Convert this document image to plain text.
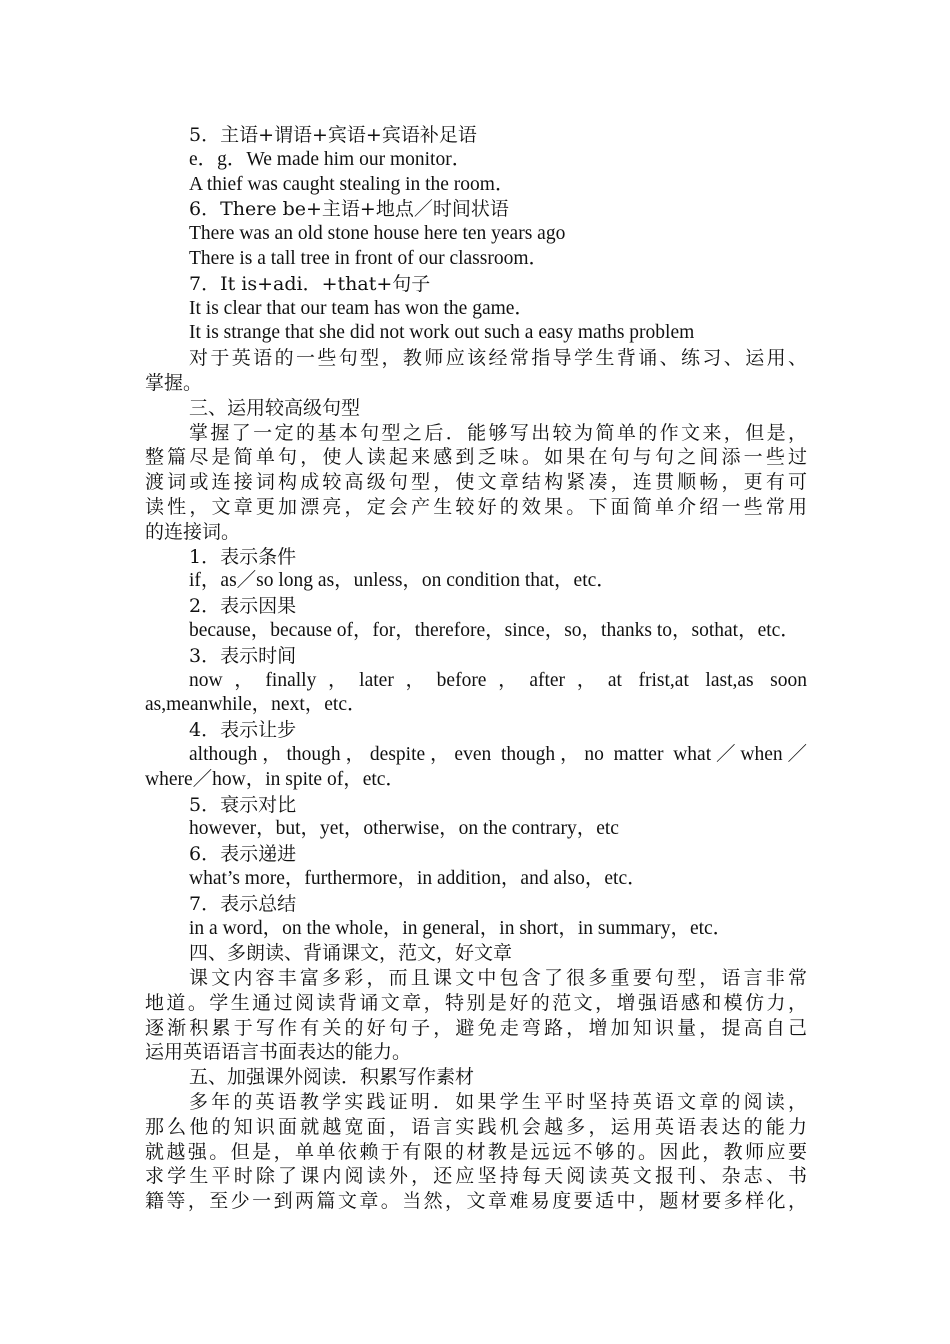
5．主语+谓语+宾语+宾语补足语
e．g．We made him our monitor．
A thief was caught stealing in the room．
6．There be+主语+地点／时间状语
There was an old stone house here ten years ago
There is a tall tree in front of our classroom．
7．It is+adi．+that+句子
It is clear that our team has won the game．
It is strange that she did not work out such a easy maths problem
对于英语的一些句型，教师应该经常指导学生背诵、练习、运用、
掌握。
三、运用较高级句型
掌握了一定的基本句型之后．能够写出较为简单的作文来，但是，
整篇尽是简单句，使人读起来感到乏味。如果在句与句之间添一些过
渡词或连接词构成较高级句型，使文章结构紧凑，连贯顺畅，更有可
读性，文章更加漂亮，定会产生较好的效果。下面简单介绍一些常用
的连接词。
1．表示条件
if，as／so long as，unless，on condition that，etc．
2．表示因果
because，because of，for，therefore，since，so，thanks to，sothat，etc．
3．表示时间
now，finally，later，before，after，at frist,at last,as soon
as,meanwhile，next，etc．
4．表示让步
although，though，despite，even though，no matter what／when／
where／how，in spite of，etc．
5．衰示对比
however，but，yet，otherwise，on the contrary，etc
6．表示递进
what’s more，furthermore，in addition，and also，etc．
7．表示总结
in a word，on the whole，in general，in short，in summary，etc．
四、多朗读、背诵课文，范文，好文章
课文内容丰富多彩，而且课文中包含了很多重要句型，语言非常
地道。学生通过阅读背诵文章，特别是好的范文，增强语感和模仿力，
逐渐积累于写作有关的好句子，避免走弯路，增加知识量，提高自己
运用英语语言书面表达的能力。
五、加强课外阅读．积累写作素材
多年的英语教学实践证明．如果学生平时坚持英语文章的阅读，
那么他的知识面就越宽面，语言实践机会越多，运用英语表达的能力
就越强。但是，单单依赖于有限的材教是远远不够的。因此，教师应要
求学生平时除了课内阅读外，还应坚持每天阅读英文报刊、杂志、书
籍等，至少一到两篇文章。当然，文章难易度要适中，题材要多样化，
